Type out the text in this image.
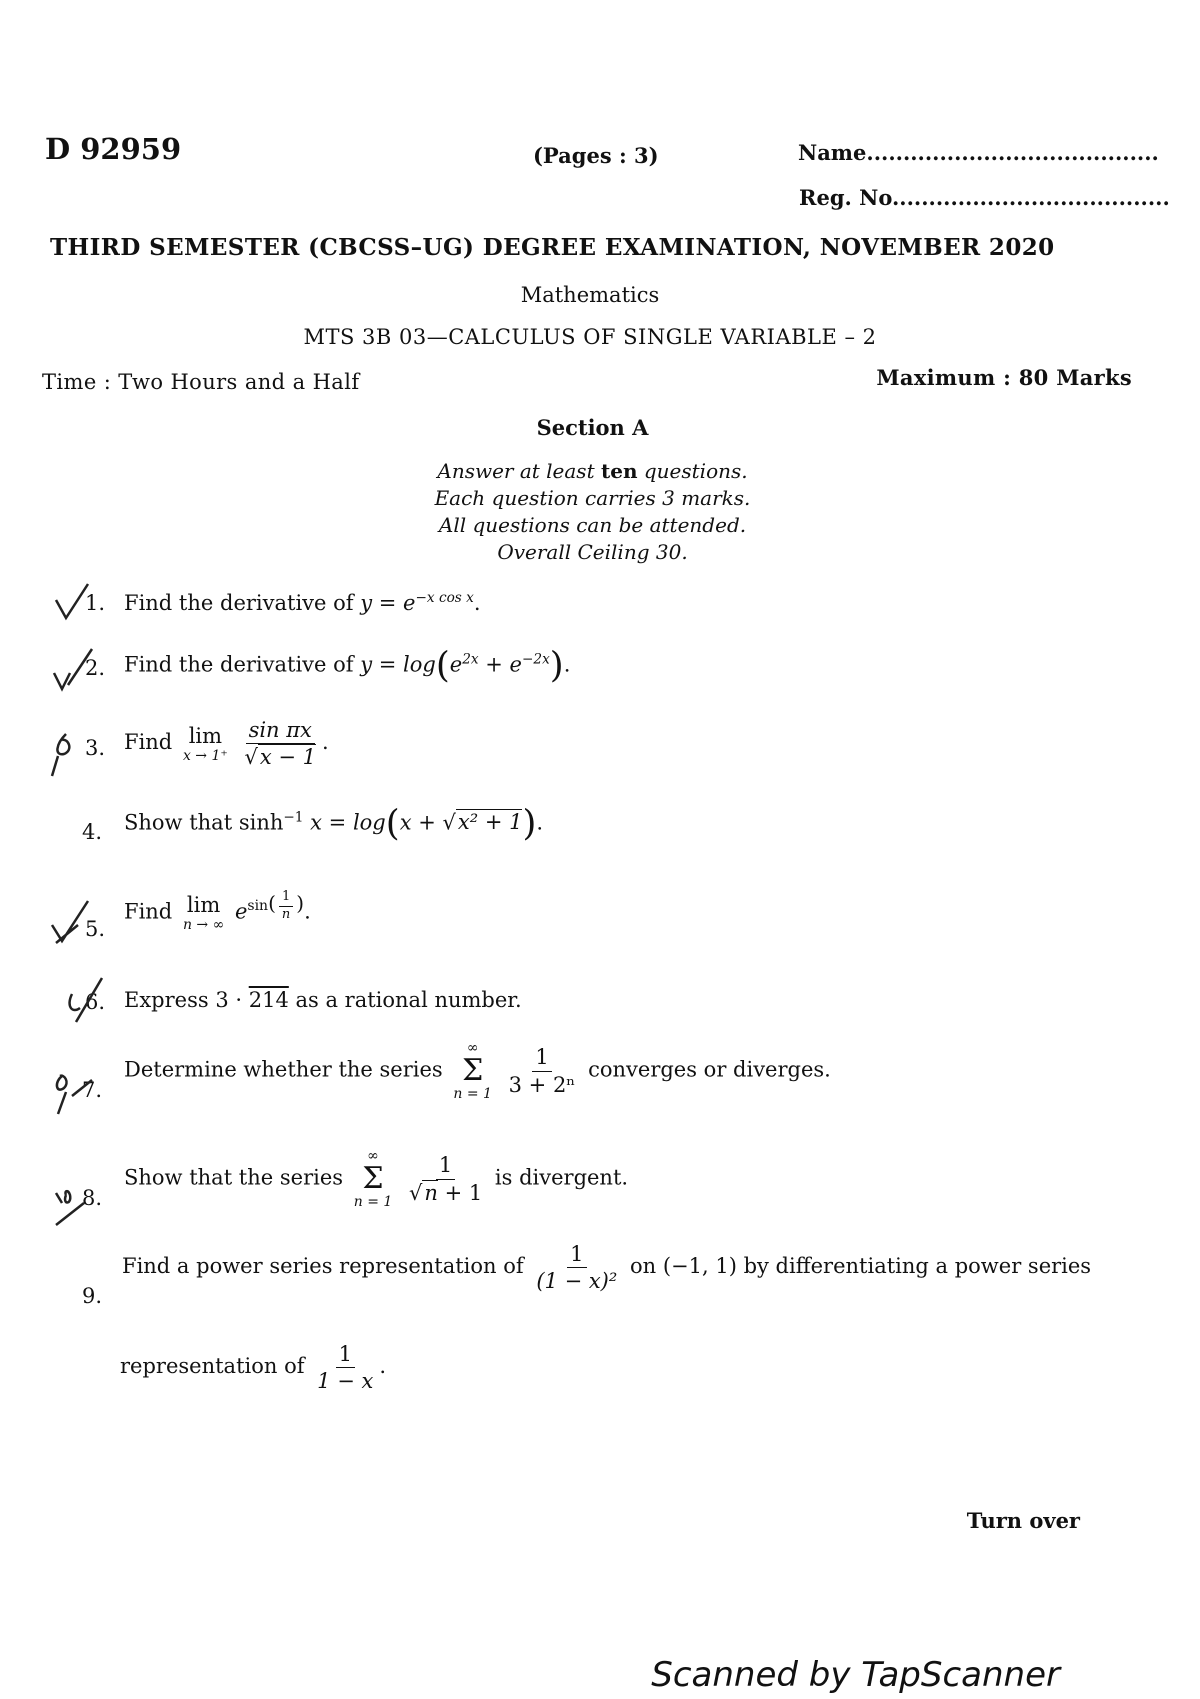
D 92959	(Pages : 3)	Name........................................
Reg. No......................................
THIRD SEMESTER (CBCSS–UG) DEGREE EXAMINATION, NOVEMBER 2020
Mathematics
MTS 3B 03—CALCULUS OF SINGLE VARIABLE – 2
Time : Two Hours and a Half	Maximum : 80 Marks
Section A
Answer at least ten questions.
Each question carries 3 marks.
All questions can be attended.
Overall Ceiling 30.
1. Find the derivative of $y = e^{-x cos x}$.
2. Find the derivative of $y = \log(e^{2x} + e^{-2x})$.
3. Find lim
x → 1⁺
$\frac{\text{sin πx}}{√x - 1}$ .
4. Show that $\sinh^{-1} x = \log(x + √x^2 + 1)$.
5.
Find lim
n → ∞
$e^{sin( \frac{1}{n} )}$.
6. Express 3 · 214 as a rational number.
7.
Determine whether the series
∞
Σ
n = 1
$\frac{1}{\text{3 + 2ⁿ}}$ converges or diverges.
8.
Show that the series
∞
Σ
n = 1
$\frac{1}{√n + 1}$ is divergent.
9.
Find a power series representation of $\frac{1}{\text{(1 − x)²}}$ on (−1, 1) by differentiating a power series
representation of $\frac{1}{1 - x}$ .
Turn over
Scanned by TapScanner
